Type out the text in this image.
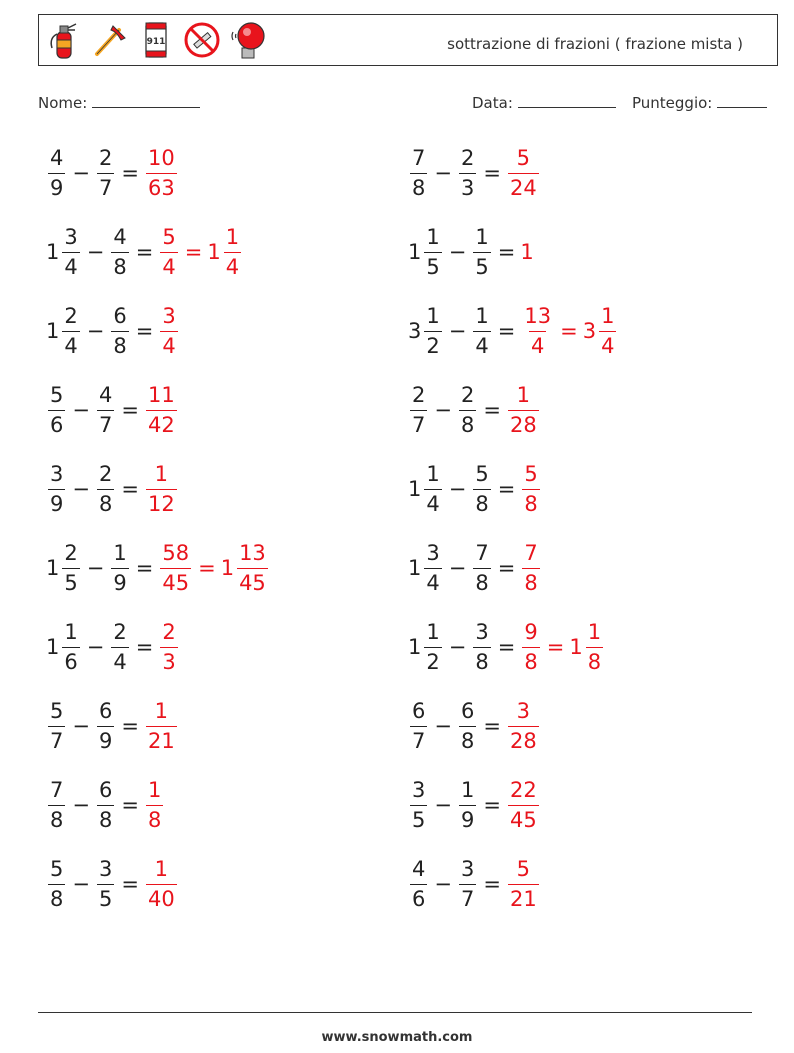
911	sottrazione di frazioni ( frazione mista )
Nome:	Data:	Punteggio:
$\frac{4}{9} - \frac{2}{7} = \frac{10}{63}$
$1 \frac{3}{4} - \frac{4}{8} = \frac{5}{4} = 1 \frac{1}{4}$
$1 \frac{2}{4} - \frac{6}{8} = \frac{3}{4}$
$\frac{5}{6} - \frac{4}{7} = \frac{11}{42}$
$\frac{3}{9} - \frac{2}{8} = \frac{1}{12}$
$1 \frac{2}{5} - \frac{1}{9} = \frac{58}{45} = 1 \frac{13}{45}$
$1 \frac{1}{6} - \frac{2}{4} = \frac{2}{3}$
$\frac{5}{7} - \frac{6}{9} = \frac{1}{21}$
$\frac{7}{8} - \frac{6}{8} = \frac{1}{8}$
$\frac{5}{8} - \frac{3}{5} = \frac{1}{40}$
$\frac{7}{8} - \frac{2}{3} = \frac{5}{24}$
$1 \frac{1}{5} - \frac{1}{5} = 1$
$3 \frac{1}{2} - \frac{1}{4} = \frac{13}{4} = 3 \frac{1}{4}$
$\frac{2}{7} - \frac{2}{8} = \frac{1}{28}$
$1 \frac{1}{4} - \frac{5}{8} = \frac{5}{8}$
$1 \frac{3}{4} - \frac{7}{8} = \frac{7}{8}$
$1 \frac{1}{2} - \frac{3}{8} = \frac{9}{8} = 1 \frac{1}{8}$
$\frac{6}{7} - \frac{6}{8} = \frac{3}{28}$
$\frac{3}{5} - \frac{1}{9} = \frac{22}{45}$
$\frac{4}{6} - \frac{3}{7} = \frac{5}{21}$
www.snowmath.com
